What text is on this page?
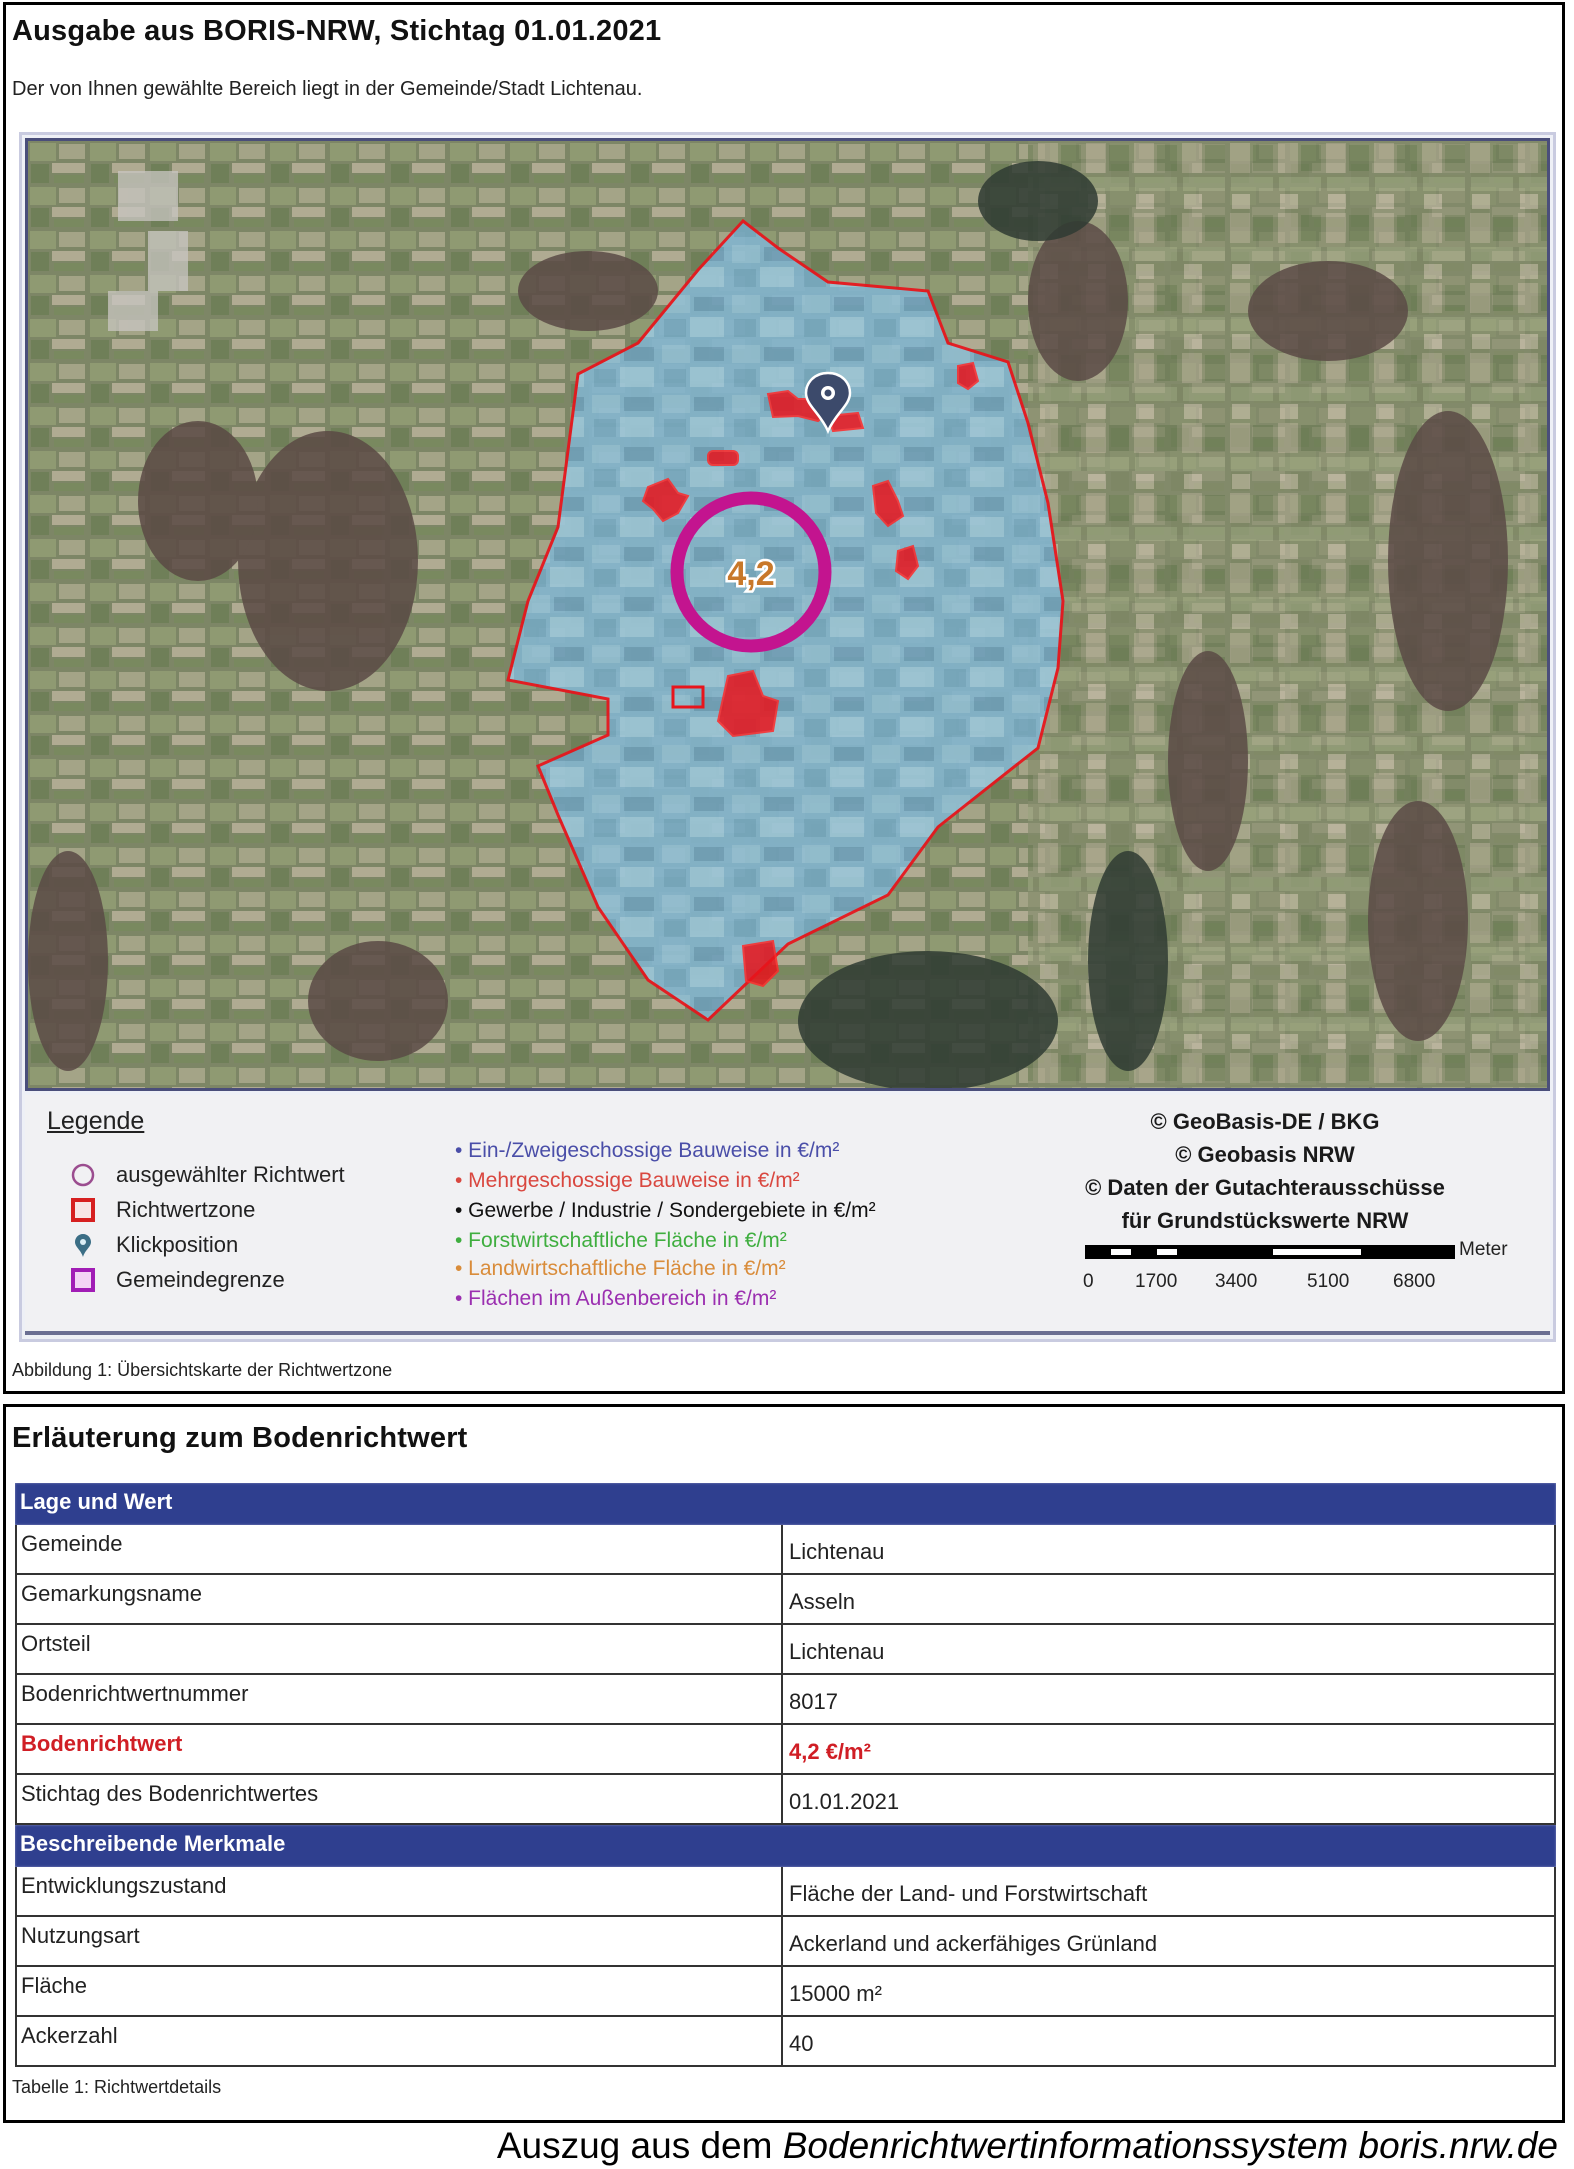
Ausgabe aus BORIS-NRW, Stichtag 01.01.2021
Der von Ihnen gewählte Bereich liegt in der Gemeinde/Stadt Lichtenau.
4,2
Legende
ausgewählter Richtwert
Richtwertzone
Klickposition
Gemeindegrenze
• Ein-/Zweigeschossige Bauweise in €/m²
• Mehrgeschossige Bauweise in €/m²
• Gewerbe / Industrie / Sondergebiete in €/m²
• Forstwirtschaftliche Fläche in €/m²
• Landwirtschaftliche Fläche in €/m²
• Flächen im Außenbereich in €/m²
© GeoBasis-DE / BKG
© Geobasis NRW
© Daten der Gutachterausschüsse
für Grundstückswerte NRW
Meter
0 1700 3400	5100 6800
Abbildung 1: Übersichtskarte der Richtwertzone
Erläuterung zum Bodenrichtwert
Lage und Wert
Gemeinde	Lichtenau
Gemarkungsname	Asseln
Ortsteil	Lichtenau
Bodenrichtwertnummer	8017
Bodenrichtwert	4,2 €/m²
Stichtag des Bodenrichtwertes	01.01.2021
Beschreibende Merkmale
Entwicklungszustand	Fläche der Land- und Forstwirtschaft
Nutzungsart	Ackerland und ackerfähiges Grünland
Fläche	15000 m²
Ackerzahl	40
Tabelle 1: Richtwertdetails
Auszug aus dem Bodenrichtwertinformationssystem boris.nrw.de
